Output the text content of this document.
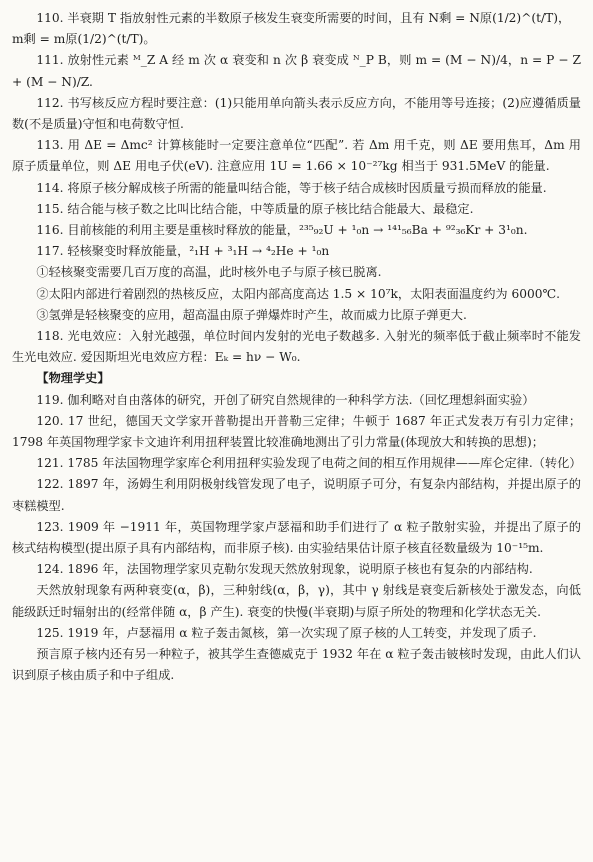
110. 半衰期 T 指放射性元素的半数原子核发生衰变所需要的时间，且有 N剩 = N原(1/2)^(t/T)，

m剩 = m原(1/2)^(t/T)。

111. 放射性元素 ᴹ_Z A 经 m 次 α 衰变和 n 次 β 衰变成 ᴺ_P B，则 m = (M − N)/4，n = P − Z + (M − N)/Z.

112. 书写核反应方程时要注意：(1)只能用单向箭头表示反应方向，不能用等号连接；(2)应遵循质量数(不是质量)守恒和电荷数守恒.

113. 用 ΔE = Δmc² 计算核能时一定要注意单位“匹配”. 若 Δm 用千克，则 ΔE 要用焦耳，Δm 用原子质量单位，则 ΔE 用电子伏(eV). 注意应用 1U = 1.66 × 10⁻²⁷kg 相当于 931.5MeV 的能量.

114. 将原子核分解成核子所需的能量叫结合能，等于核子结合成核时因质量亏损而释放的能量.

115. 结合能与核子数之比叫比结合能，中等质量的原子核比结合能最大、最稳定.

116. 目前核能的利用主要是重核时释放的能量，²³⁵₉₂U + ¹₀n → ¹⁴¹₅₆Ba + ⁹²₃₆Kr + 3¹₀n.

117. 轻核聚变时释放能量，²₁H + ³₁H → ⁴₂He + ¹₀n

①轻核聚变需要几百万度的高温，此时核外电子与原子核已脱离.

②太阳内部进行着剧烈的热核反应，太阳内部高度高达 1.5 × 10⁷k，太阳表面温度约为 6000℃.

③氢弹是轻核聚变的应用，超高温由原子弹爆炸时产生，故而威力比原子弹更大.

118. 光电效应：入射光越强，单位时间内发射的光电子数越多. 入射光的频率低于截止频率时不能发生光电效应. 爱因斯坦光电效应方程：Eₖ = hν − W₀.

【物理学史】

119. 伽利略对自由落体的研究，开创了研究自然规律的一种科学方法.（回忆理想斜面实验）

120. 17 世纪，德国天文学家开普勒提出开普勒三定律；牛顿于 1687 年正式发表万有引力定律；1798 年英国物理学家卡文迪许利用扭秤装置比较准确地测出了引力常量(体现放大和转换的思想)；

121. 1785 年法国物理学家库仑利用扭秤实验发现了电荷之间的相互作用规律——库仑定律.（转化）

122. 1897 年，汤姆生利用阴极射线管发现了电子，说明原子可分，有复杂内部结构，并提出原子的枣糕模型.

123. 1909 年 −1911 年，英国物理学家卢瑟福和助手们进行了 α 粒子散射实验，并提出了原子的核式结构模型(提出原子具有内部结构，而非原子核). 由实验结果估计原子核直径数量级为 10⁻¹⁵m.

124. 1896 年，法国物理学家贝克勒尔发现天然放射现象，说明原子核也有复杂的内部结构.

天然放射现象有两种衰变(α，β)，三种射线(α，β，γ)，其中 γ 射线是衰变后新核处于激发态，向低能级跃迁时辐射出的(经常伴随 α，β 产生). 衰变的快慢(半衰期)与原子所处的物理和化学状态无关.

125. 1919 年，卢瑟福用 α 粒子轰击氮核，第一次实现了原子核的人工转变，并发现了质子.

预言原子核内还有另一种粒子，被其学生查德威克于 1932 年在 α 粒子轰击铍核时发现，由此人们认识到原子核由质子和中子组成.
